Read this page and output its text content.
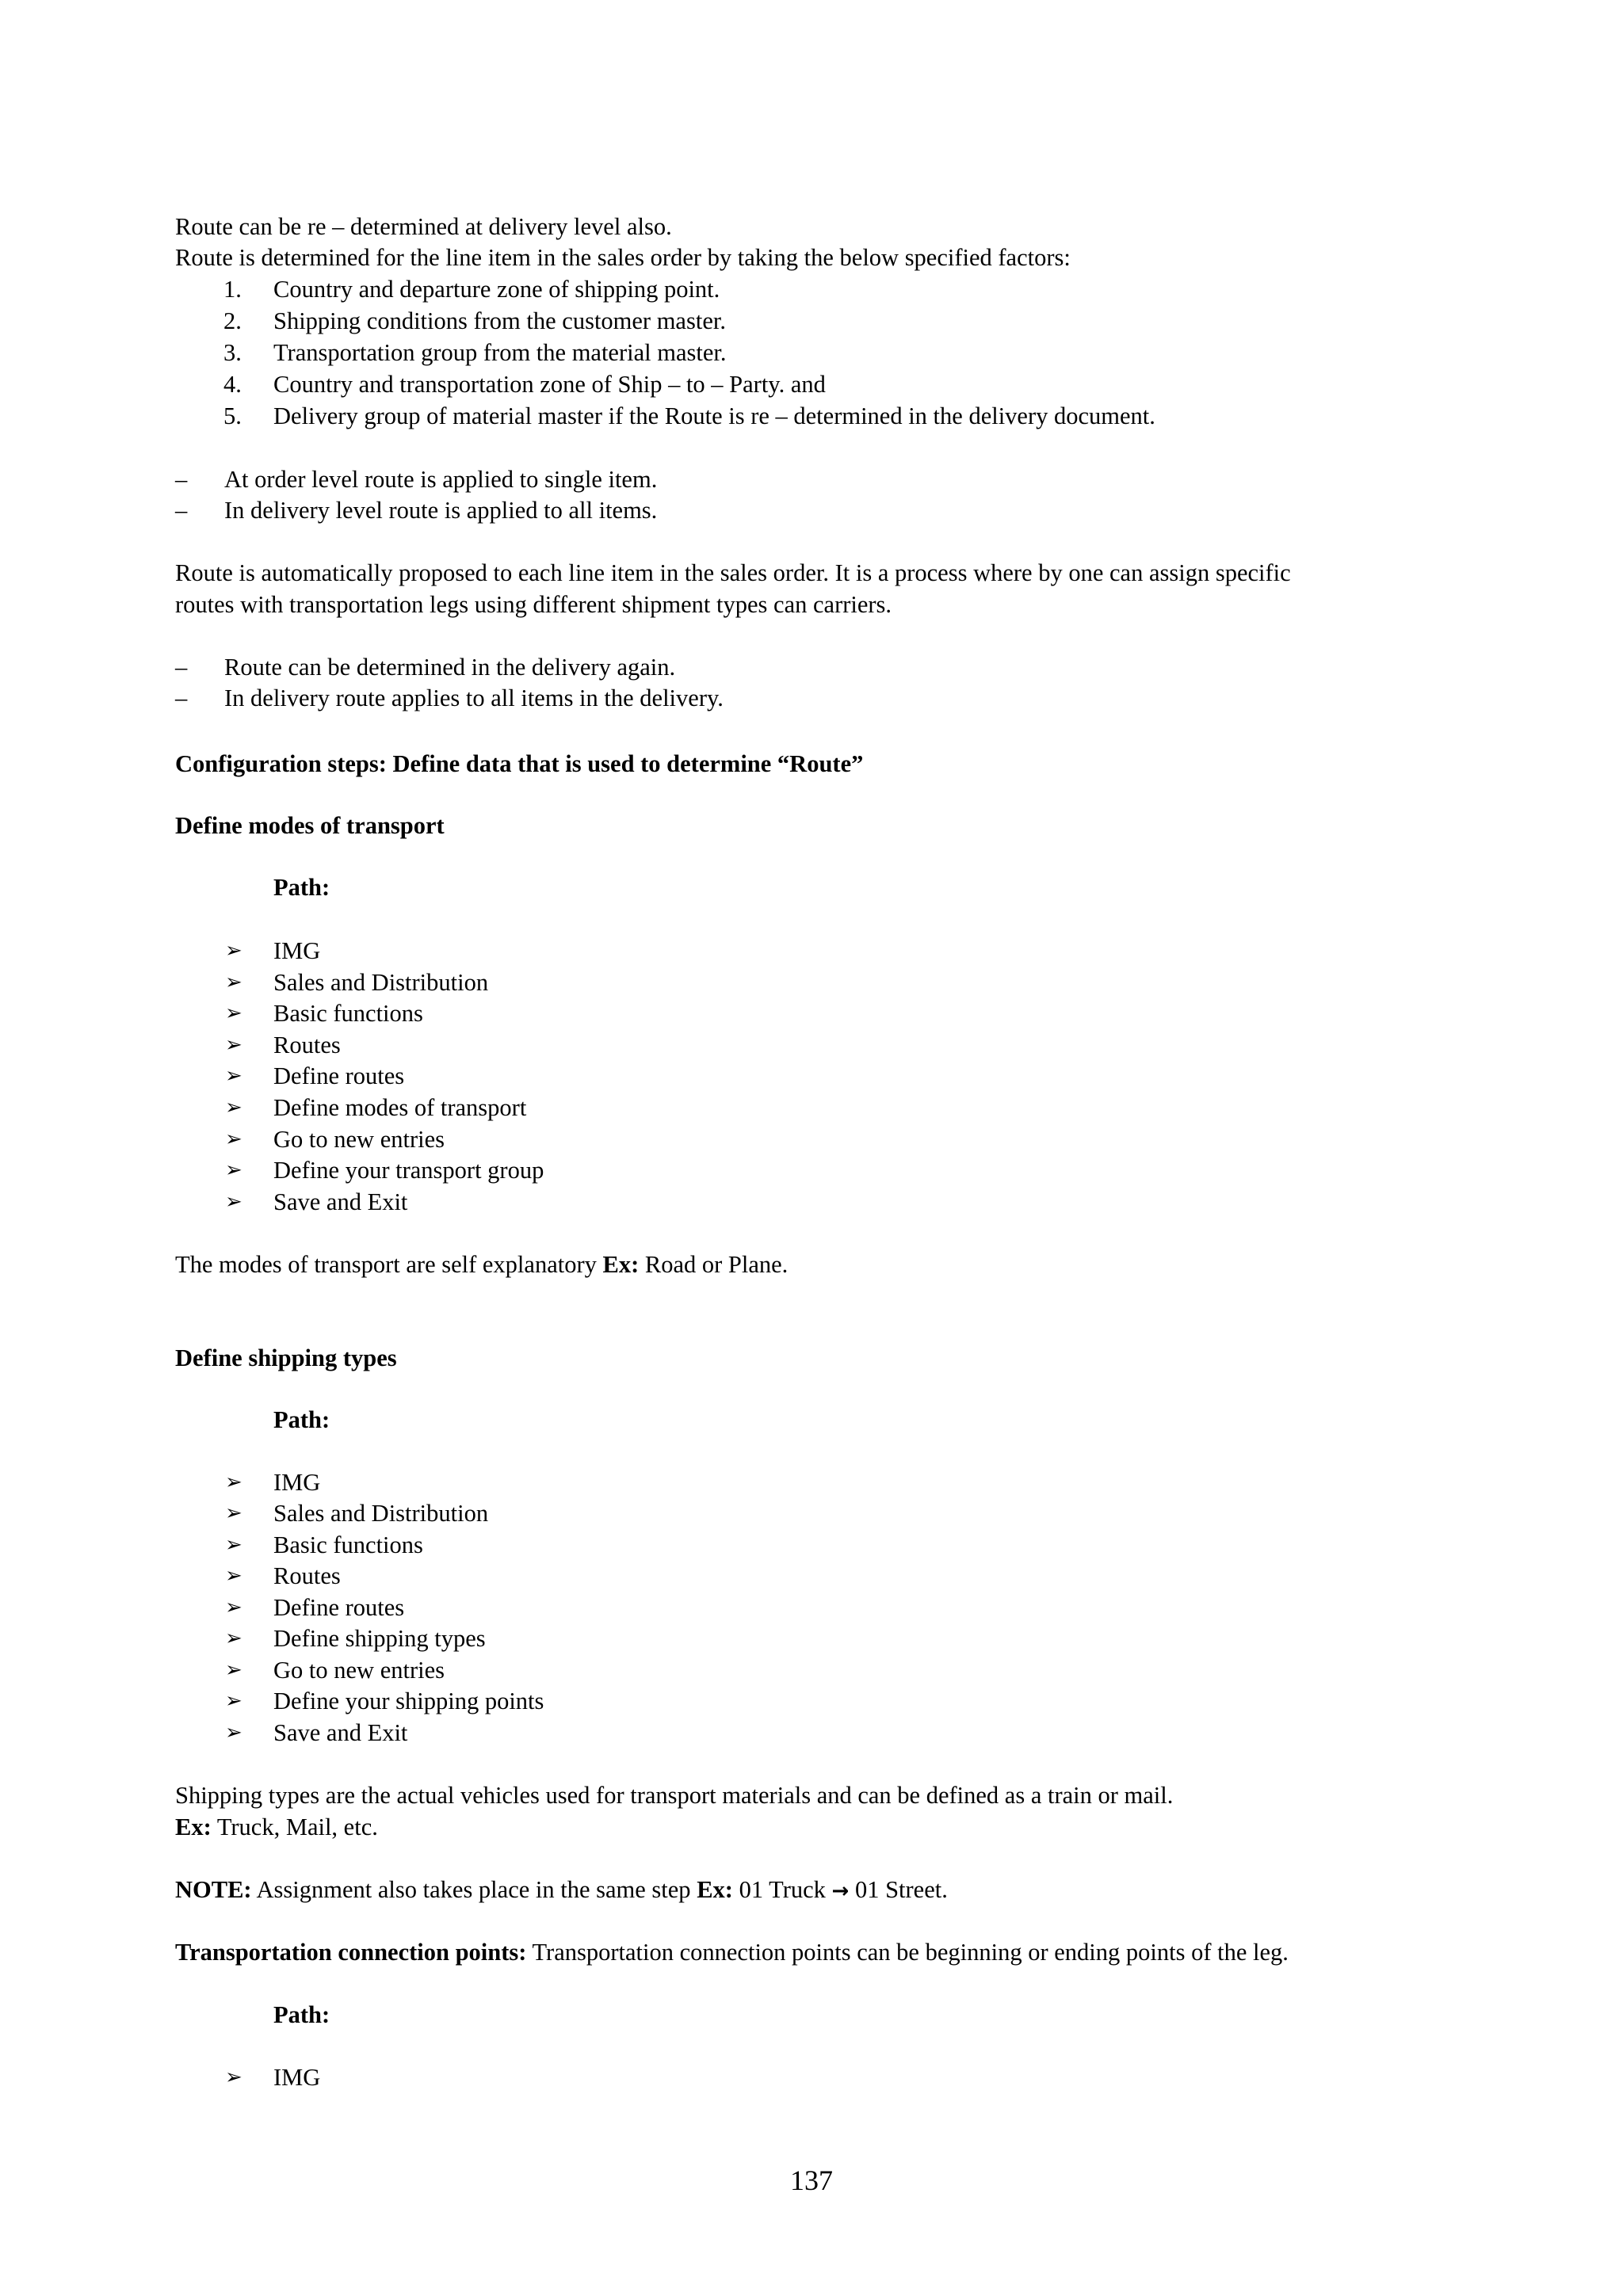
Route can be re – determined at delivery level also.
Route is determined for the line item in the sales order by taking the below specified factors:
1. Country and departure zone of shipping point.
2. Shipping conditions from the customer master.
3. Transportation group from the material master.
4. Country and transportation zone of Ship – to – Party. and
5. Delivery group of material master if the Route is re – determined in the delivery document.
– At order level route is applied to single item.
– In delivery level route is applied to all items.
Route is automatically proposed to each line item in the sales order. It is a process where by one can assign specific
routes with transportation legs using different shipment types can carriers.
– Route can be determined in the delivery again.
– In delivery route applies to all items in the delivery.
Configuration steps: Define data that is used to determine “Route”
Define modes of transport
Path:
➢ IMG
➢ Sales and Distribution
➢ Basic functions
➢ Routes
➢ Define routes
➢ Define modes of transport
➢ Go to new entries
➢ Define your transport group
➢ Save and Exit
The modes of transport are self explanatory Ex: Road or Plane.
Define shipping types
Path:
➢ IMG
➢ Sales and Distribution
➢ Basic functions
➢ Routes
➢ Define routes
➢ Define shipping types
➢ Go to new entries
➢ Define your shipping points
➢ Save and Exit
Shipping types are the actual vehicles used for transport materials and can be defined as a train or mail.
Ex: Truck, Mail, etc.
NOTE: Assignment also takes place in the same step Ex: 01 Truck → 01 Street.
Transportation connection points: Transportation connection points can be beginning or ending points of the leg.
Path:
➢ IMG
137
